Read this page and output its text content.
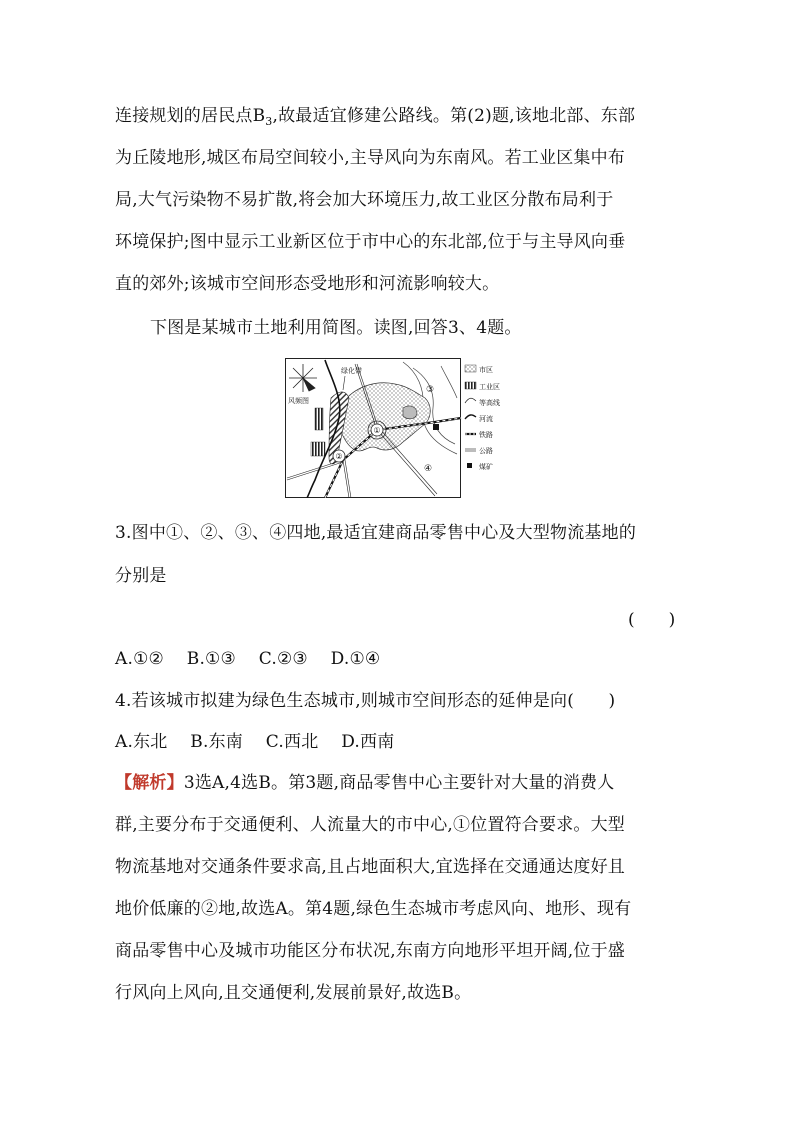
连接规划的居民点$B_3$,故最适宜修建公路线。第(2)题,该地北部、东部
为丘陵地形,城区布局空间较小,主导风向为东南风。若工业区集中布
局,大气污染物不易扩散,将会加大环境压力,故工业区分散布局利于
环境保护;图中显示工业新区位于市中心的东北部,位于与主导风向垂
直的郊外;该城市空间形态受地形和河流影响较大。
下图是某城市土地利用简图。读图,回答3、4题。
风频图
绿化带
①
②
③
④
市区
工业区
等高线
河流
铁路
公路
煤矿
3.图中①、②、③、④四地,最适宜建商品零售中心及大型物流基地的
分别是
(　　)
A.①②　 B.①③　 C.②③　 D.①④
4.若该城市拟建为绿色生态城市,则城市空间形态的延伸是向(　　)
A.东北　 B.东南　 C.西北　 D.西南
【解析】3选A,4选B。第3题,商品零售中心主要针对大量的消费人
群,主要分布于交通便利、人流量大的市中心,①位置符合要求。大型
物流基地对交通条件要求高,且占地面积大,宜选择在交通通达度好且
地价低廉的②地,故选A。第4题,绿色生态城市考虑风向、地形、现有
商品零售中心及城市功能区分布状况,东南方向地形平坦开阔,位于盛
行风向上风向,且交通便利,发展前景好,故选B。
